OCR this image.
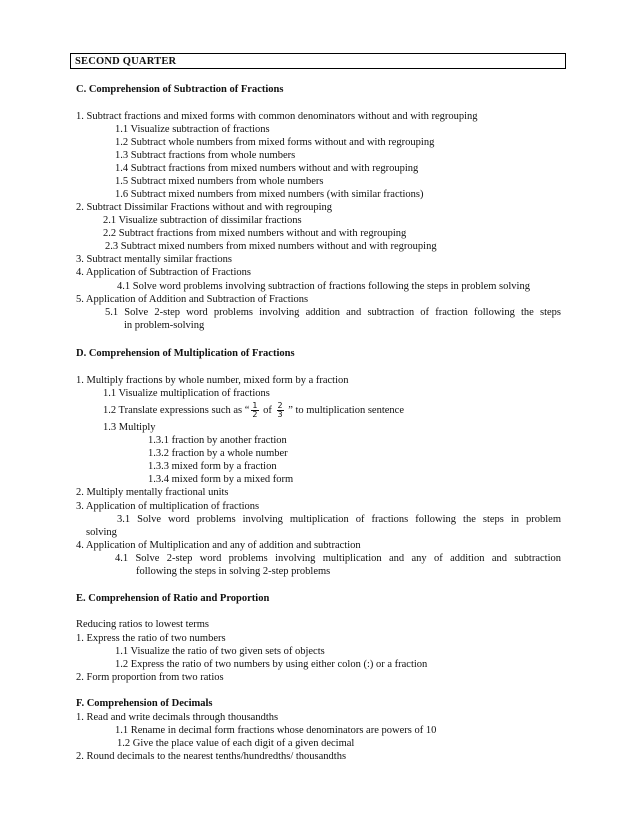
SECOND QUARTER
C. Comprehension of Subtraction of Fractions
1. Subtract fractions and mixed forms with common denominators without and with regrouping
1.1 Visualize subtraction of fractions
1.2 Subtract whole numbers from mixed forms without and with regrouping
1.3 Subtract fractions from whole numbers
1.4 Subtract fractions from mixed numbers without and with regrouping
1.5 Subtract mixed numbers from whole numbers
1.6 Subtract mixed numbers from mixed numbers (with similar fractions)
2. Subtract Dissimilar Fractions without and with regrouping
2.1 Visualize subtraction of dissimilar fractions
2.2 Subtract fractions from mixed numbers without and with regrouping
2.3 Subtract mixed numbers from mixed numbers without and with regrouping
3. Subtract mentally similar fractions
4. Application of Subtraction of Fractions
4.1 Solve word problems involving subtraction of fractions following the steps in problem solving
5. Application of Addition and Subtraction of Fractions
5.1 Solve 2-step word problems involving addition and subtraction of fraction following the steps
in problem-solving
D. Comprehension of Multiplication of Fractions
1. Multiply fractions by whole number, mixed form by a fraction
1.1 Visualize multiplication of fractions
1.2 Translate expressions such as “ $\frac{1}{2}$ of $\frac{2}{3}$ ” to multiplication sentence
1.3 Multiply
1.3.1 fraction by another fraction
1.3.2 fraction by a whole number
1.3.3 mixed form by a fraction
1.3.4 mixed form by a mixed form
2. Multiply mentally fractional units
3. Application of multiplication of fractions
3.1 Solve word problems involving multiplication of fractions following the steps in problem
solving
4. Application of Multiplication and any of addition and subtraction
4.1 Solve 2-step word problems involving multiplication and any of addition and subtraction
following the steps in solving 2-step problems
E. Comprehension of Ratio and Proportion
Reducing ratios to lowest terms
1. Express the ratio of two numbers
1.1 Visualize the ratio of two given sets of objects
1.2 Express the ratio of two numbers by using either colon (:) or a fraction
2. Form proportion from two ratios
F. Comprehension of Decimals
1. Read and write decimals through thousandths
1.1 Rename in decimal form fractions whose denominators are powers of 10
1.2 Give the place value of each digit of a given decimal
2. Round decimals to the nearest tenths/hundredths/ thousandths
